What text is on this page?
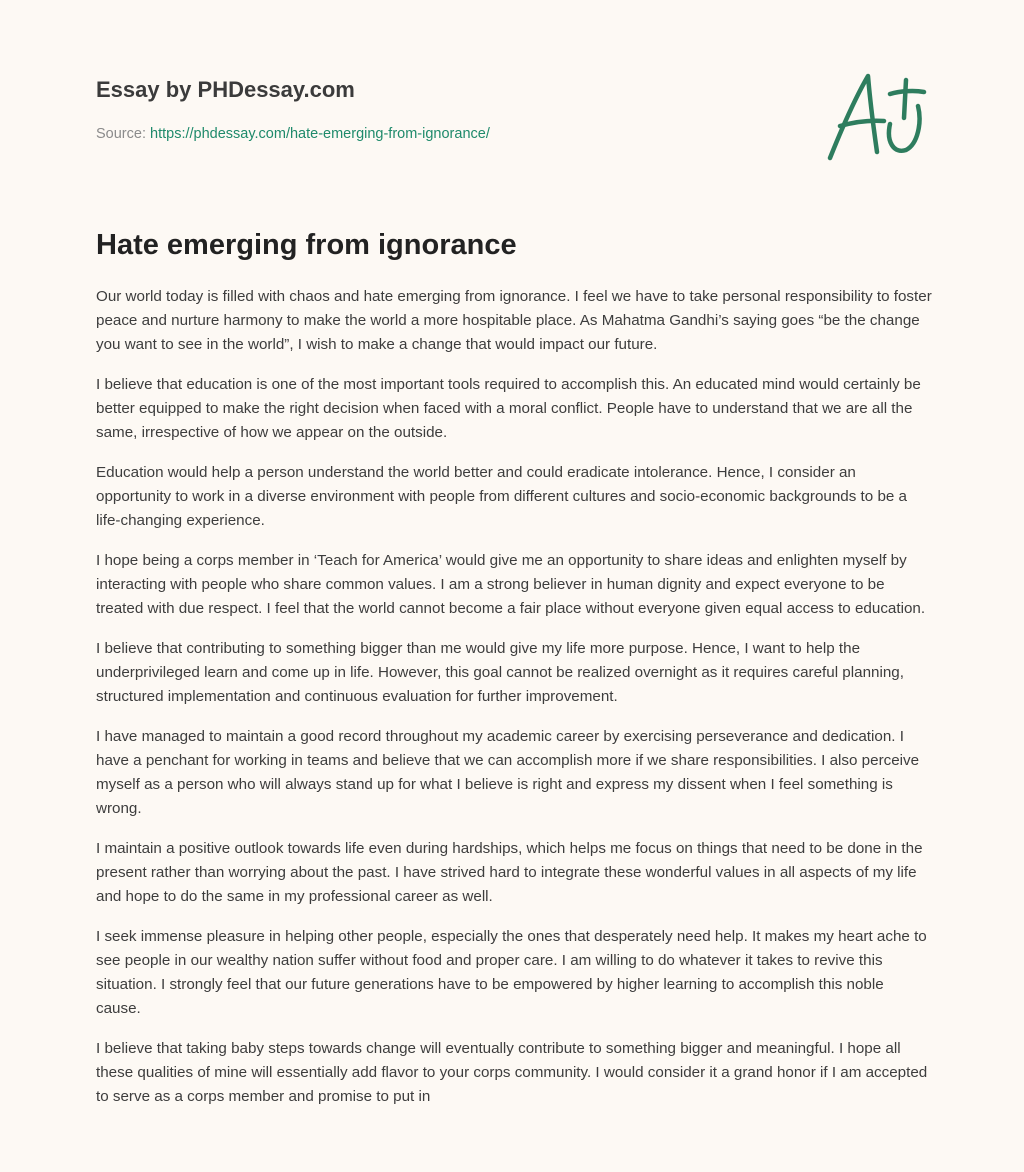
Essay by PHDessay.com

Source: https://phdessay.com/hate-emerging-from-ignorance/
Hate emerging from ignorance

Our world today is filled with chaos and hate emerging from ignorance. I feel we have to take personal responsibility to foster peace and nurture harmony to make the world a more hospitable place. As Mahatma Gandhi’s saying goes “be the change you want to see in the world”, I wish to make a change that would impact our future.

I believe that education is one of the most important tools required to accomplish this. An educated mind would certainly be better equipped to make the right decision when faced with a moral conflict. People have to understand that we are all the same, irrespective of how we appear on the outside.

Education would help a person understand the world better and could eradicate intolerance. Hence, I consider an opportunity to work in a diverse environment with people from different cultures and socio-economic backgrounds to be a life-changing experience.

I hope being a corps member in ‘Teach for America’ would give me an opportunity to share ideas and enlighten myself by interacting with people who share common values. I am a strong believer in human dignity and expect everyone to be treated with due respect. I feel that the world cannot become a fair place without everyone given equal access to education.

I believe that contributing to something bigger than me would give my life more purpose. Hence, I want to help the underprivileged learn and come up in life. However, this goal cannot be realized overnight as it requires careful planning, structured implementation and continuous evaluation for further improvement.

I have managed to maintain a good record throughout my academic career by exercising perseverance and dedication. I have a penchant for working in teams and believe that we can accomplish more if we share responsibilities. I also perceive myself as a person who will always stand up for what I believe is right and express my dissent when I feel something is wrong.

I maintain a positive outlook towards life even during hardships, which helps me focus on things that need to be done in the present rather than worrying about the past. I have strived hard to integrate these wonderful values in all aspects of my life and hope to do the same in my professional career as well.

I seek immense pleasure in helping other people, especially the ones that desperately need help. It makes my heart ache to see people in our wealthy nation suffer without food and proper care. I am willing to do whatever it takes to revive this situation. I strongly feel that our future generations have to be empowered by higher learning to accomplish this noble cause.

I believe that taking baby steps towards change will eventually contribute to something bigger and meaningful. I hope all these qualities of mine will essentially add flavor to your corps community. I would consider it a grand honor if I am accepted to serve as a corps member and promise to put in
